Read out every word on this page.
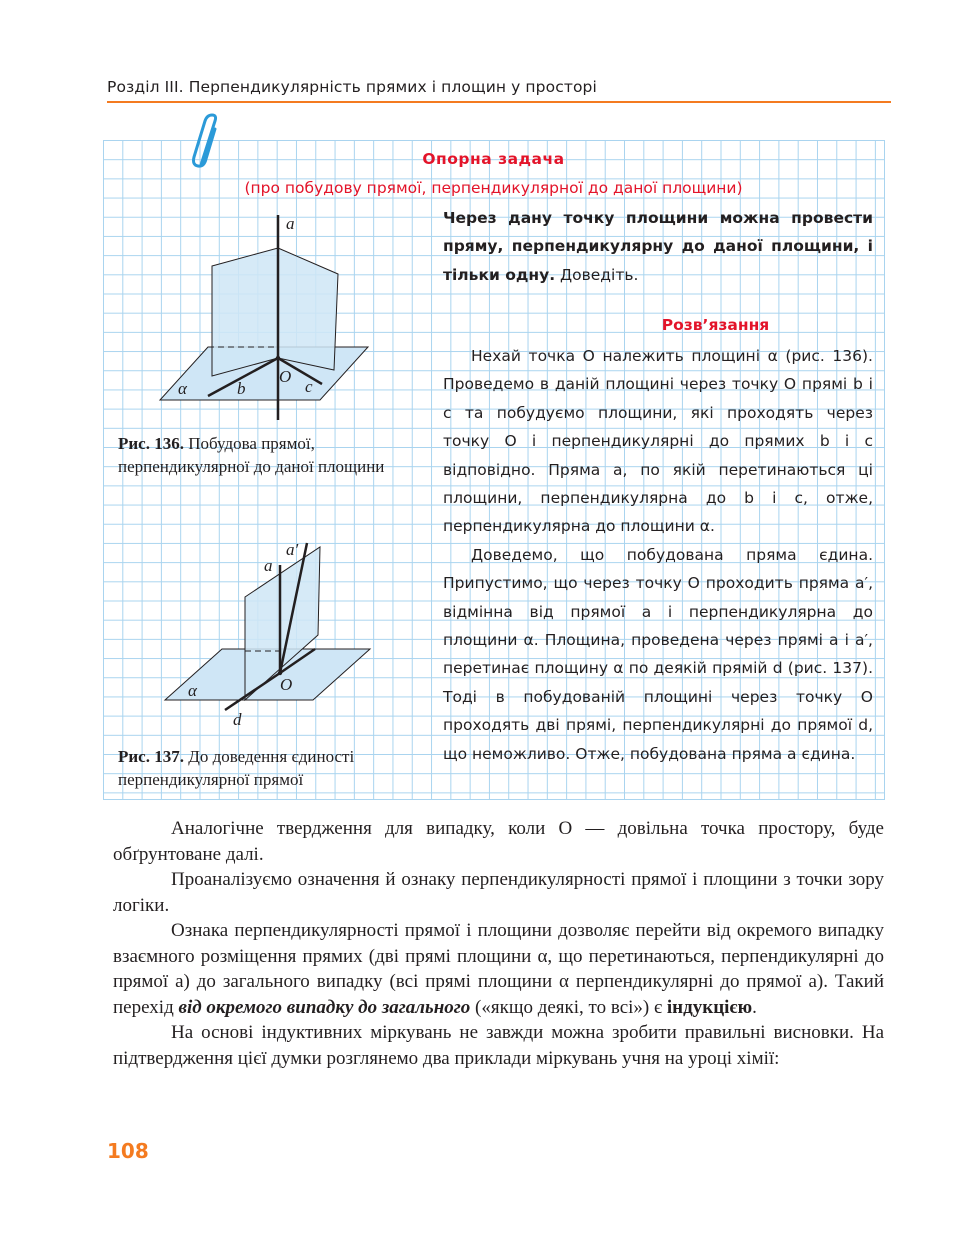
Розділ III. Перпендикулярність прямих і площин у просторі
Опорна задача
(про побудову прямої, перпендикулярної до даної площини)
Через дану точку площини можна провести пряму, перпендикулярну до даної площини, і тільки одну. Доведіть.
Розв’язання

Нехай точка O належить площині α (рис. 136). Проведемо в даній площині через точку O прямі b і c та побудуємо площини, які проходять через точку O і перпендикулярні до прямих b і c відповідно. Пряма a, по якій перетинаються ці площини, перпендикулярна до b і c, отже, перпендикулярна до площини α.

Доведемо, що побудована пряма єдина. Припустимо, що через точку O проходить пряма a′, відмінна від прямої a і перпендикулярна до площини α. Площина, проведена через прямі a і a′, перетинає площину α по деякій прямій d (рис. 137). Тоді в побудованій площині через точку O проходять дві прямі, перпендикулярні до прямої d, що неможливо. Отже, побудована пряма a єдина.

a
α	b
O
c
Рис. 136. Побудова прямої, перпендикулярної до даної площини
a′
a
α	O
d
Рис. 137. До доведення єдиності перпендикулярної прямої

Аналогічне твердження для випадку, коли O — довільна точка простору, буде обґрунтоване далі.

Проаналізуємо означення й ознаку перпендикулярності прямої і площини з точки зору логіки.

Ознака перпендикулярності прямої і площини дозволяє перейти від окремого випадку взаємного розміщення прямих (дві прямі площини α, що перетинаються, перпендикулярні до прямої a) до загального випадку (всі прямі площини α перпендикулярні до прямої a). Такий перехід від окремого випадку до загального («якщо деякі, то всі») є індукцією.

На основі індуктивних міркувань не завжди можна зробити правильні висновки. На підтвердження цієї думки розглянемо два приклади міркувань учня на уроці хімії:

108
